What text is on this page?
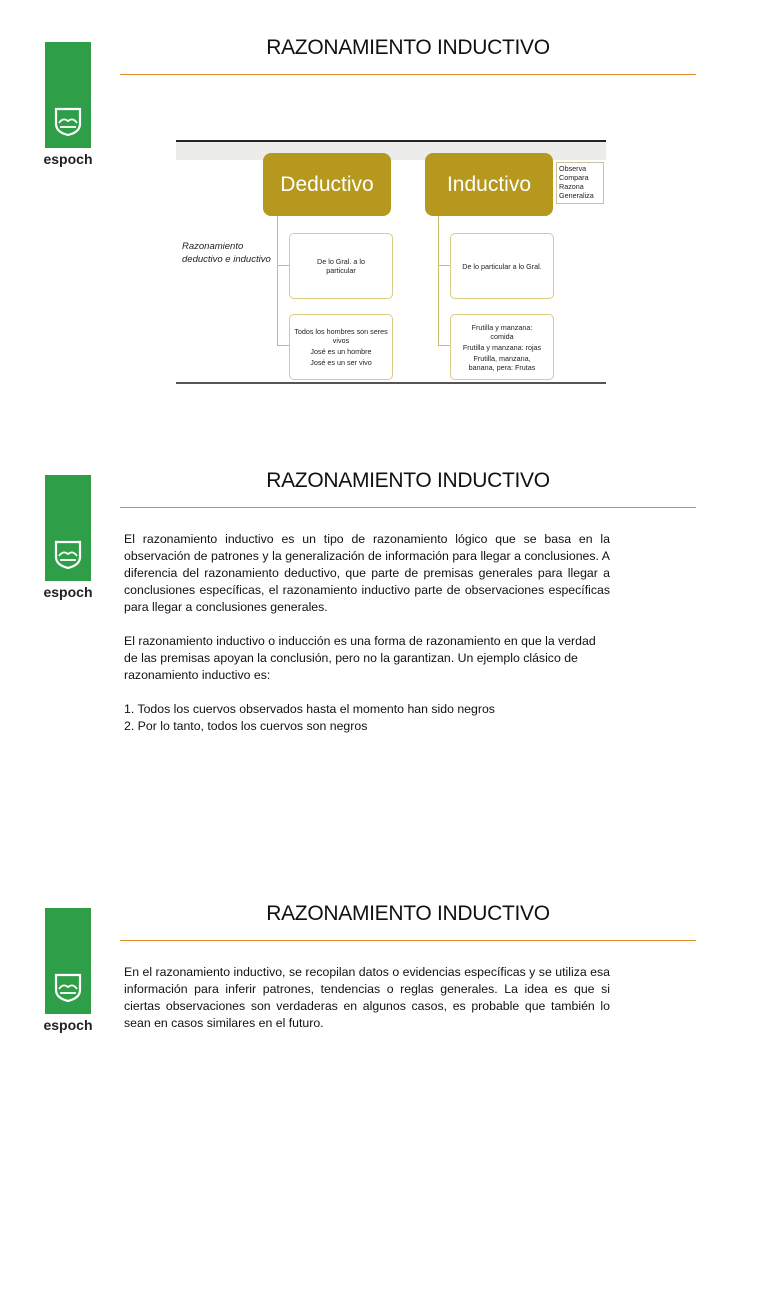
espoch
RAZONAMIENTO INDUCTIVO
Deductivo	Inductivo
Observa
Compara
Razona
Generaliza
Razonamiento deductivo e inductivo	De lo Gral. a lo particular
Todos los hombres son seres vivos
José es un hombre
José es un ser vivo
De lo particular a lo Gral.
Frutilla y manzana: comida
Frutilla y manzana: rojas
Frutilla, manzana, banana, pera: Frutas
espoch
RAZONAMIENTO INDUCTIVO

El razonamiento inductivo es un tipo de razonamiento lógico que se basa en la observación de patrones y la generalización de información para llegar a conclusiones. A diferencia del razonamiento deductivo, que parte de premisas generales para llegar a conclusiones específicas, el razonamiento inductivo parte de observaciones específicas para llegar a conclusiones generales.

El razonamiento inductivo o inducción es una forma de razonamiento en que la verdad de las premisas apoyan la conclusión, pero no la garantizan. Un ejemplo clásico de razonamiento inductivo es:

1. Todos los cuervos observados hasta el momento han sido negros

2. Por lo tanto, todos los cuervos son negros

espoch
RAZONAMIENTO INDUCTIVO

En el razonamiento inductivo, se recopilan datos o evidencias específicas y se utiliza esa información para inferir patrones, tendencias o reglas generales. La idea es que si ciertas observaciones son verdaderas en algunos casos, es probable que también lo sean en casos similares en el futuro.
